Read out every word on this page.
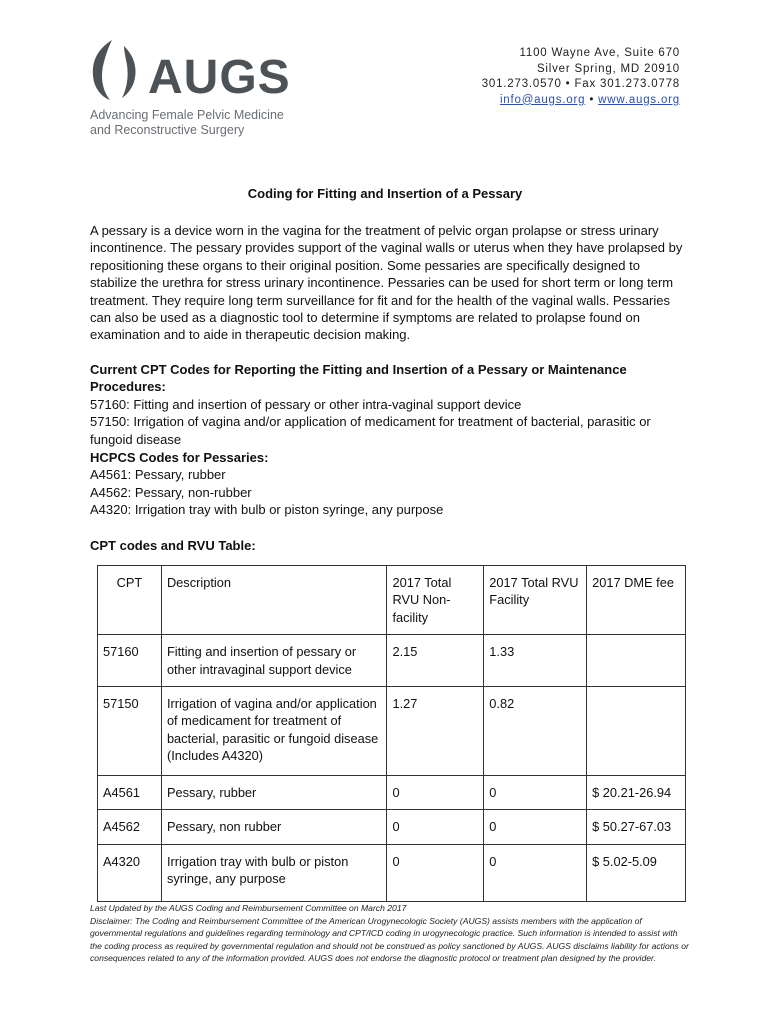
AUGS
Advancing Female Pelvic Medicine
and Reconstructive Surgery
1100 Wayne Ave, Suite 670
Silver Spring, MD 20910
301.273.0570 • Fax 301.273.0778
info@augs.org • www.augs.org
Coding for Fitting and Insertion of a Pessary
A pessary is a device worn in the vagina for the treatment of pelvic organ prolapse or stress urinary incontinence. The pessary provides support of the vaginal walls or uterus when they have prolapsed by repositioning these organs to their original position. Some pessaries are specifically designed to stabilize the urethra for stress urinary incontinence. Pessaries can be used for short term or long term treatment. They require long term surveillance for fit and for the health of the vaginal walls. Pessaries can also be used as a diagnostic tool to determine if symptoms are related to prolapse found on examination and to aide in therapeutic decision making.
Current CPT Codes for Reporting the Fitting and Insertion of a Pessary or Maintenance Procedures:
57160: Fitting and insertion of pessary or other intra-vaginal support device
57150: Irrigation of vagina and/or application of medicament for treatment of bacterial, parasitic or fungoid disease
HCPCS Codes for Pessaries:
A4561: Pessary, rubber
A4562: Pessary, non-rubber
A4320: Irrigation tray with bulb or piston syringe, any purpose
CPT codes and RVU Table:
CPT	Description	2017 Total RVU Non-facility	2017 Total RVU Facility	2017 DME fee
57160	Fitting and insertion of pessary or other intravaginal support device	2.15	1.33	
57150	Irrigation of vagina and/or application of medicament for treatment of bacterial, parasitic or fungoid disease (Includes A4320)	1.27	0.82	
A4561	Pessary, rubber	0	0	$ 20.21-26.94
A4562	Pessary, non rubber	0	0	$ 50.27-67.03
A4320	Irrigation tray with bulb or piston syringe, any purpose	0	0	$ 5.02-5.09
Last Updated by the AUGS Coding and Reimbursement Committee on March 2017
Disclaimer: The Coding and Reimbursement Committee of the American Urogynecologic Society (AUGS) assists members with the application of governmental regulations and guidelines regarding terminology and CPT/ICD coding in urogynecologic practice. Such information is intended to assist with the coding process as required by governmental regulation and should not be construed as policy sanctioned by AUGS. AUGS disclaims liability for actions or consequences related to any of the information provided. AUGS does not endorse the diagnostic protocol or treatment plan designed by the provider.
